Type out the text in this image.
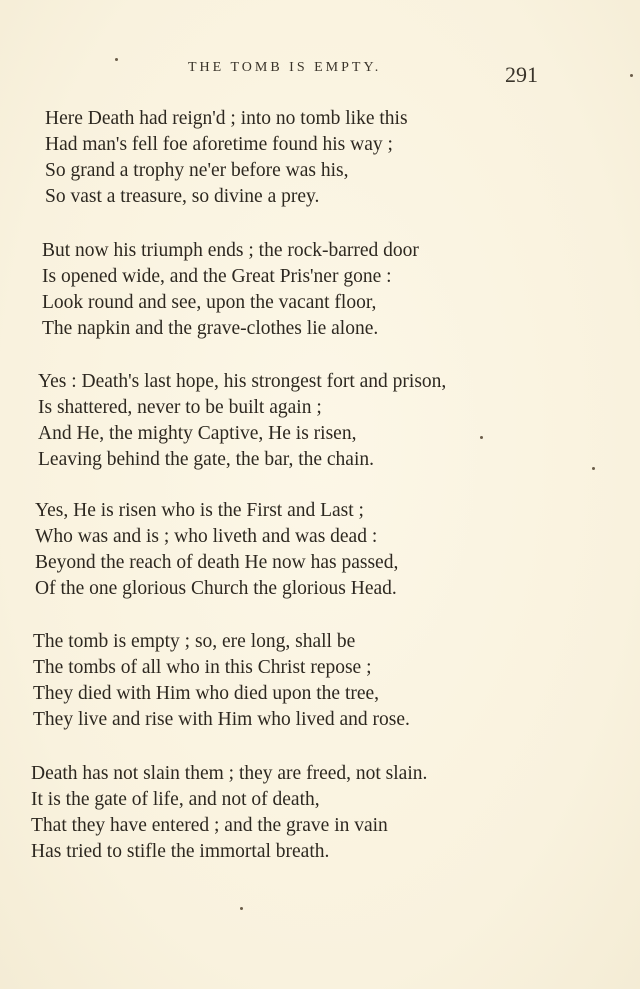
THE TOMB IS EMPTY.	291
Here Death had reign'd ; into no tomb like this
Had man's fell foe aforetime found his way ;
So grand a trophy ne'er before was his,
So vast a treasure, so divine a prey.
But now his triumph ends ; the rock-barred door
Is opened wide, and the Great Pris'ner gone :
Look round and see, upon the vacant floor,
The napkin and the grave-clothes lie alone.
Yes : Death's last hope, his strongest fort and prison,
Is shattered, never to be built again ;
And He, the mighty Captive, He is risen,
Leaving behind the gate, the bar, the chain.
Yes, He is risen who is the First and Last ;
Who was and is ; who liveth and was dead :
Beyond the reach of death He now has passed,
Of the one glorious Church the glorious Head.
The tomb is empty ; so, ere long, shall be
The tombs of all who in this Christ repose ;
They died with Him who died upon the tree,
They live and rise with Him who lived and rose.
Death has not slain them ; they are freed, not slain.
It is the gate of life, and not of death,
That they have entered ; and the grave in vain
Has tried to stifle the immortal breath.
